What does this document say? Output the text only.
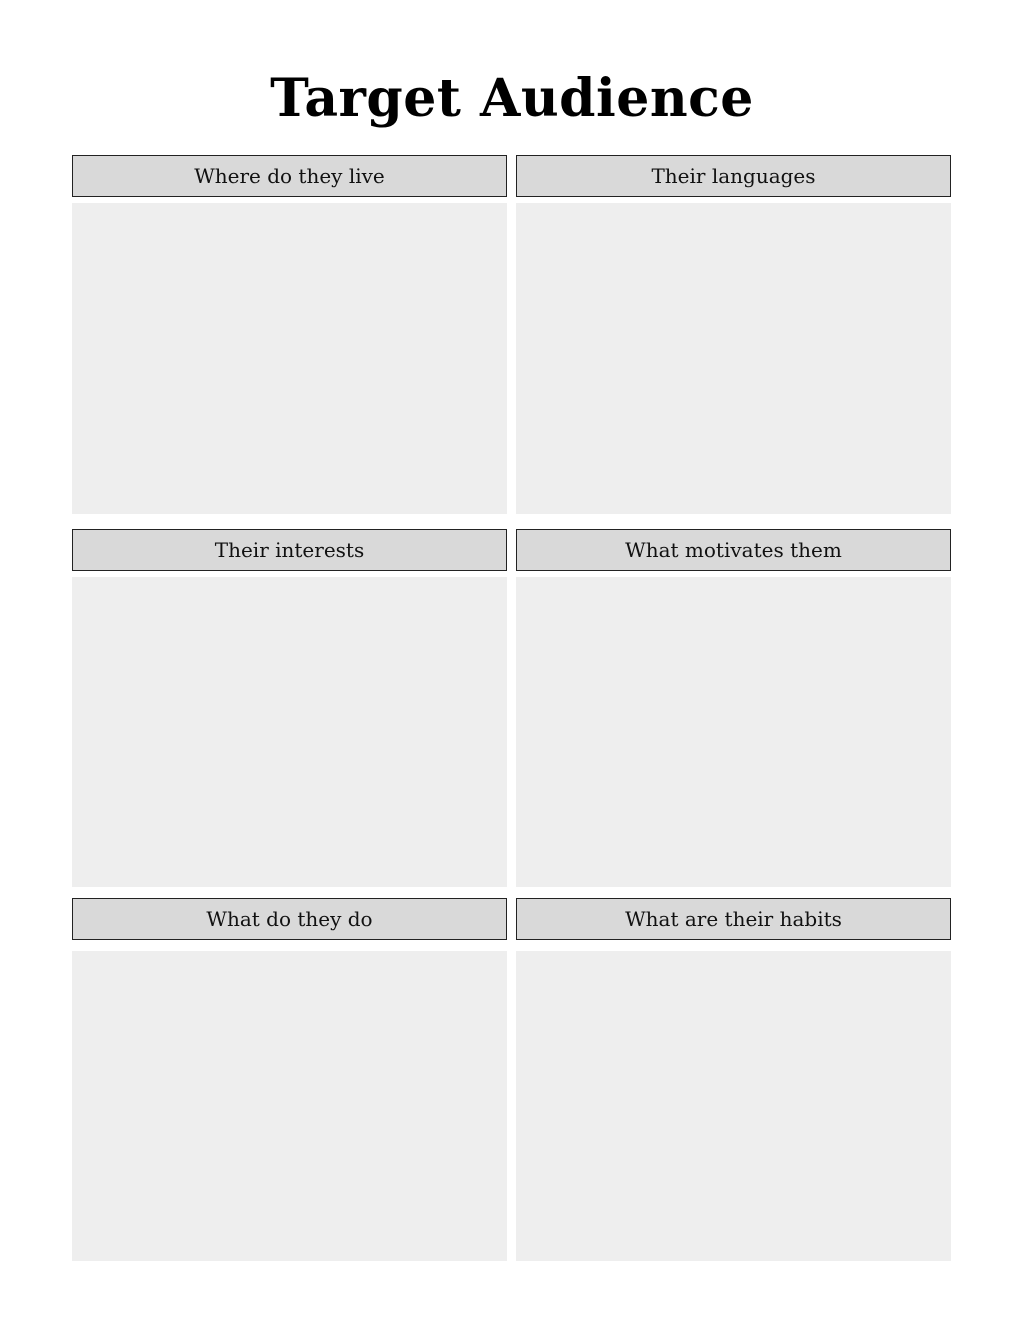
Target Audience
Where do they live	Their languages
Their interests	What motivates them
What do they do	What are their habits
